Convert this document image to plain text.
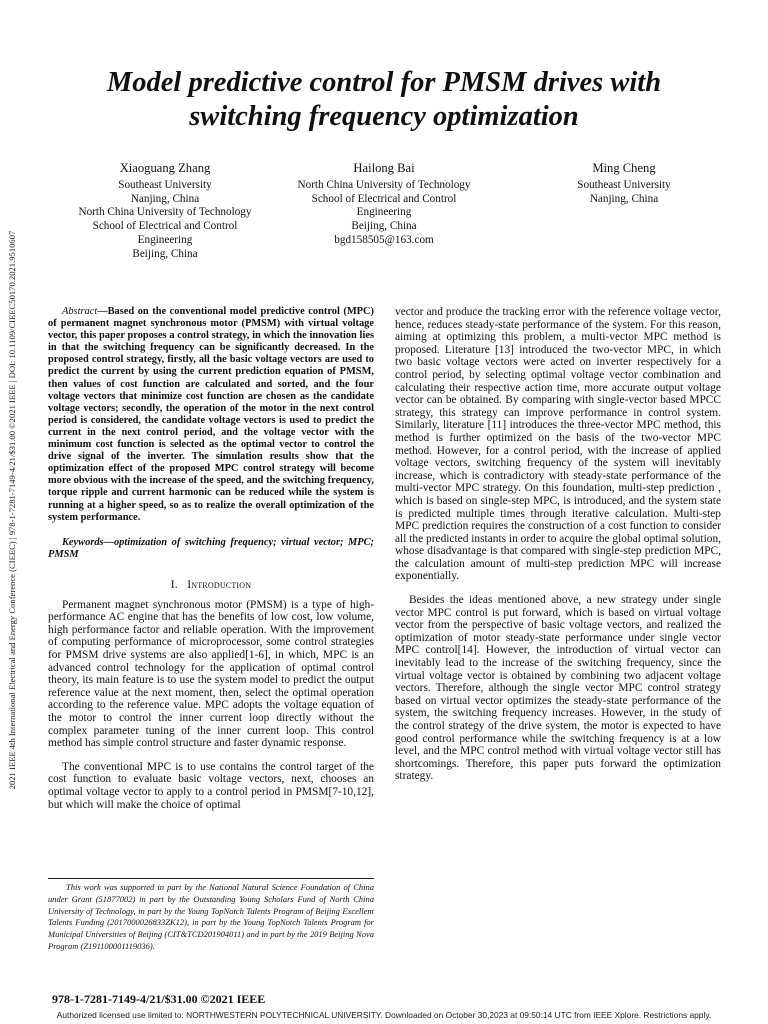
2021 IEEE 4th International Electrical and Energy Conference (CIEEC) | 978-1-7281-7149-4/21/$31.00 ©2021 IEEE | DOI: 10.1109/CIEEC50170.2021.9510607
Model predictive control for PMSM drives with
switching frequency optimization
Xiaoguang Zhang
Southeast University
Nanjing, China
North China University of Technology
School of Electrical and Control
Engineering
Beijing, China
Hailong Bai
North China University of Technology
School of Electrical and Control
Engineering
Beijing, China
bgd158505@163.com
Ming Cheng
Southeast University
Nanjing, China

Abstract—Based on the conventional model predictive control (MPC) of permanent magnet synchronous motor (PMSM) with virtual voltage vector, this paper proposes a control strategy, in which the innovation lies in that the switching frequency can be significantly decreased. In the proposed control strategy, firstly, all the basic voltage vectors are used to predict the current by using the current prediction equation of PMSM, then values of cost function are calculated and sorted, and the four voltage vectors that minimize cost function are chosen as the candidate voltage vectors; secondly, the operation of the motor in the next control period is considered, the candidate voltage vectors is used to predict the current in the next control period, and the voltage vector with the minimum cost function is selected as the optimal vector to control the drive signal of the inverter. The simulation results show that the optimization effect of the proposed MPC control strategy will become more obvious with the increase of the speed, and the switching frequency, torque ripple and current harmonic can be reduced while the system is running at a higher speed, so as to realize the overall optimization of the system performance.

Keywords—optimization of switching frequency; virtual vector; MPC; PMSM

I. Introduction

Permanent magnet synchronous motor (PMSM) is a type of high-performance AC engine that has the benefits of low cost, low volume, high performance factor and reliable operation. With the improvement of computing performance of microprocessor, some control strategies for PMSM drive systems are also applied[1-6], in which, MPC is an advanced control technology for the application of optimal control theory, its main feature is to use the system model to predict the output reference value at the next moment, then, select the optimal operation according to the reference value. MPC adopts the voltage equation of the motor to control the inner current loop directly without the complex parameter tuning of the inner current loop. This control method has simple control structure and faster dynamic response.

The conventional MPC is to use contains the control target of the cost function to evaluate basic voltage vectors, next, chooses an optimal voltage vector to apply to a control period in PMSM[7-10,12], but which will make the choice of optimal

vector and produce the tracking error with the reference voltage vector, hence, reduces steady-state performance of the system. For this reason, aiming at optimizing this problem, a multi-vector MPC method is proposed. Literature [13] introduced the two-vector MPC, in which two basic voltage vectors were acted on inverter respectively for a control period, by selecting optimal voltage vector combination and calculating their respective action time, more accurate output voltage vector can be obtained. By comparing with single-vector based MPCC strategy, this strategy can improve performance in control system. Similarly, literature [11] introduces the three-vector MPC method, this method is further optimized on the basis of the two-vector MPC method. However, for a control period, with the increase of applied voltage vectors, switching frequency of the system will inevitably increase, which is contradictory with steady-state performance of the multi-vector MPC strategy. On this foundation, multi-step prediction , which is based on single-step MPC, is introduced, and the system state is predicted multiple times through iterative calculation. Multi-step MPC prediction requires the construction of a cost function to consider all the predicted instants in order to acquire the global optimal solution, whose disadvantage is that compared with single-step prediction MPC, the calculation amount of multi-step prediction MPC will increase exponentially.

Besides the ideas mentioned above, a new strategy under single vector MPC control is put forward, which is based on virtual voltage vector from the perspective of basic voltage vectors, and realized the optimization of motor steady-state performance under single vector MPC control[14]. However, the introduction of virtual vector can inevitably lead to the increase of the switching frequency, since the virtual voltage vector is obtained by combining two adjacent voltage vectors. Therefore, although the single vector MPC control strategy based on virtual vector optimizes the steady-state performance of the system, the switching frequency increases. However, in the study of the control strategy of the drive system, the motor is expected to have good control performance while the switching frequency is at a low level, and the MPC control method with virtual voltage vector still has shortcomings. Therefore, this paper puts forward the optimization strategy.

This work was supported in part by the National Natural Science Foundation of China under Grant (51877002) in part by the Outstanding Young Scholars Fund of North China University of Technology, in part by the Young TopNotch Talents Program of Beijing Excellent Talents Funding (2017000026833ZK12), in part by the Young TopNotch Talents Program for Municipal Universities of Beijing (CIT&TCD201904011) and in part by the 2019 Beijing Nova Program (Z191100001119036).
978-1-7281-7149-4/21/$31.00 ©2021 IEEE
Authorized licensed use limited to: NORTHWESTERN POLYTECHNICAL UNIVERSITY. Downloaded on October 30,2023 at 09:50:14 UTC from IEEE Xplore. Restrictions apply.
